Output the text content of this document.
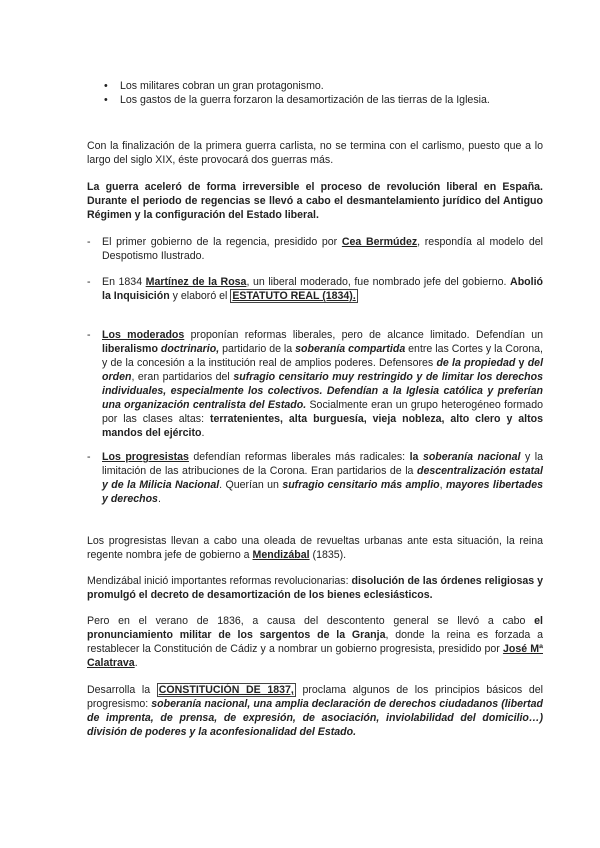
• Los militares cobran un gran protagonismo.
• Los gastos de la guerra forzaron la desamortización de las tierras de la Iglesia.
Con la finalización de la primera guerra carlista, no se termina con el carlismo, puesto que a lo largo del siglo XIX, éste provocará dos guerras más.
La guerra aceleró de forma irreversible el proceso de revolución liberal en España. Durante el periodo de regencias se llevó a cabo el desmantelamiento jurídico del Antiguo Régimen y la configuración del Estado liberal.
- El primer gobierno de la regencia, presidido por Cea Bermúdez, respondía al modelo del Despotismo Ilustrado.
- En 1834 Martínez de la Rosa, un liberal moderado, fue nombrado jefe del gobierno. Abolió la Inquisición y elaboró el ESTATUTO REAL (1834).
- Los moderados proponían reformas liberales, pero de alcance limitado. Defendían un liberalismo doctrinario, partidario de la soberanía compartida entre las Cortes y la Corona, y de la concesión a la institución real de amplios poderes. Defensores de la propiedad y del orden, eran partidarios del sufragio censitario muy restringido y de limitar los derechos individuales, especialmente los colectivos. Defendían a la Iglesia católica y preferían una organización centralista del Estado. Socialmente eran un grupo heterogéneo formado por las clases altas: terratenientes, alta burguesía, vieja nobleza, alto clero y altos mandos del ejército.
- Los progresistas defendían reformas liberales más radicales: la soberanía nacional y la limitación de las atribuciones de la Corona. Eran partidarios de la descentralización estatal y de la Milicia Nacional. Querían un sufragio censitario más amplio, mayores libertades y derechos.
Los progresistas llevan a cabo una oleada de revueltas urbanas ante esta situación, la reina regente nombra jefe de gobierno a Mendizábal (1835).
Mendizábal inició importantes reformas revolucionarias: disolución de las órdenes religiosas y promulgó el decreto de desamortización de los bienes eclesiásticos.
Pero en el verano de 1836, a causa del descontento general se llevó a cabo el pronunciamiento militar de los sargentos de la Granja, donde la reina es forzada a restablecer la Constitución de Cádiz y a nombrar un gobierno progresista, presidido por José Mª Calatrava.
Desarrolla la CONSTITUCIÓN DE 1837, proclama algunos de los principios básicos del progresismo: soberanía nacional, una amplia declaración de derechos ciudadanos (libertad de imprenta, de prensa, de expresión, de asociación, inviolabilidad del domicilio…) división de poderes y la aconfesionalidad del Estado.
